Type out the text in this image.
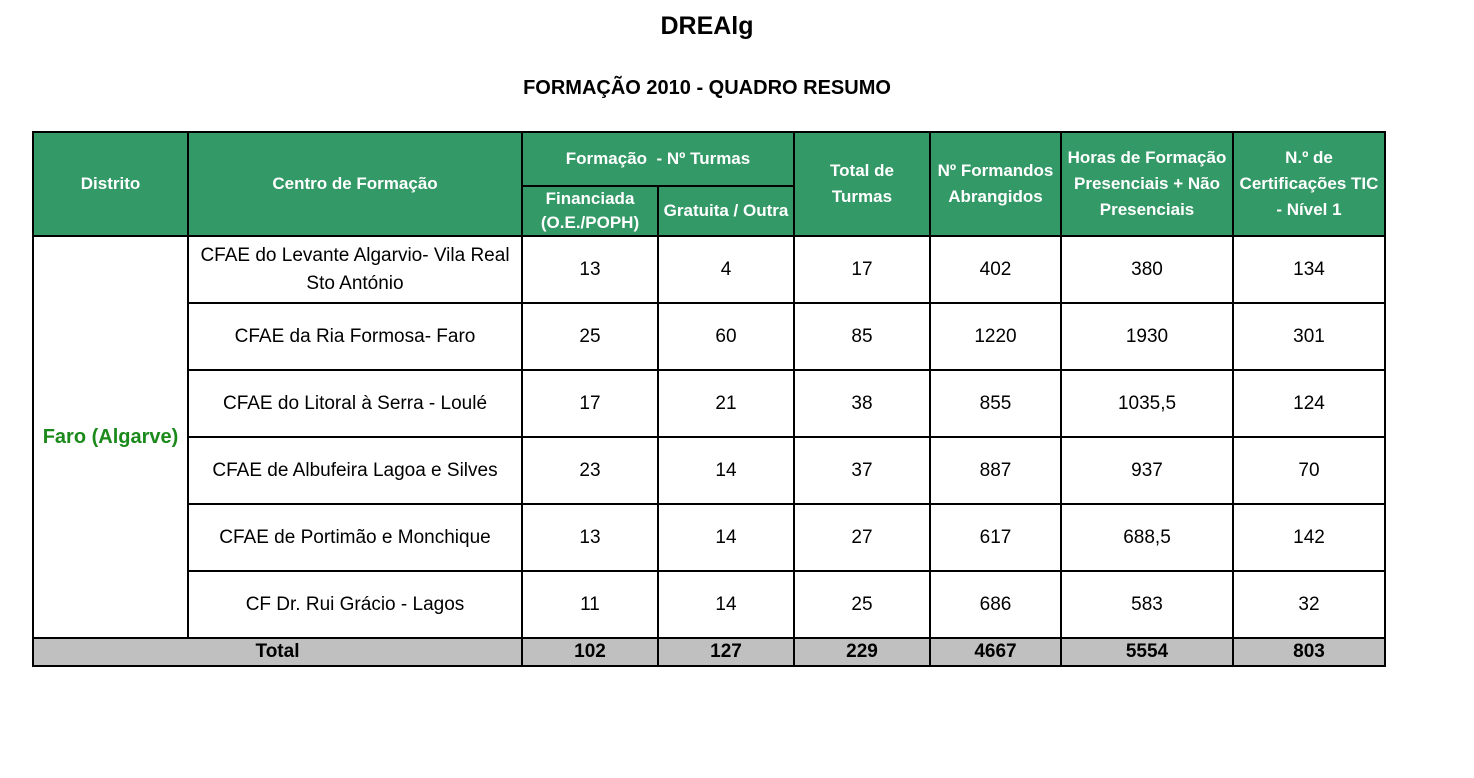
DREAlg
FORMAÇÃO 2010 - QUADRO RESUMO
Distrito	Centro de Formação	Formação  - Nº Turmas		Total de Turmas	Nº Formandos Abrangidos	Horas de Formação Presenciais + Não Presenciais	N.º de Certificações TIC - Nível 1
		Financiada (O.E./POPH)	Gratuita / Outra				
Faro (Algarve)	CFAE do Levante Algarvio- Vila Real Sto António	13	4	17	402	380	134
	CFAE da Ria Formosa- Faro	25	60	85	1220	1930	301
	CFAE do Litoral à Serra - Loulé	17	21	38	855	1035,5	124
	CFAE de Albufeira Lagoa e Silves	23	14	37	887	937	70
	CFAE de Portimão e Monchique	13	14	27	617	688,5	142
	CF Dr. Rui Grácio - Lagos	11	14	25	686	583	32
Total		102	127	229	4667	5554	803
